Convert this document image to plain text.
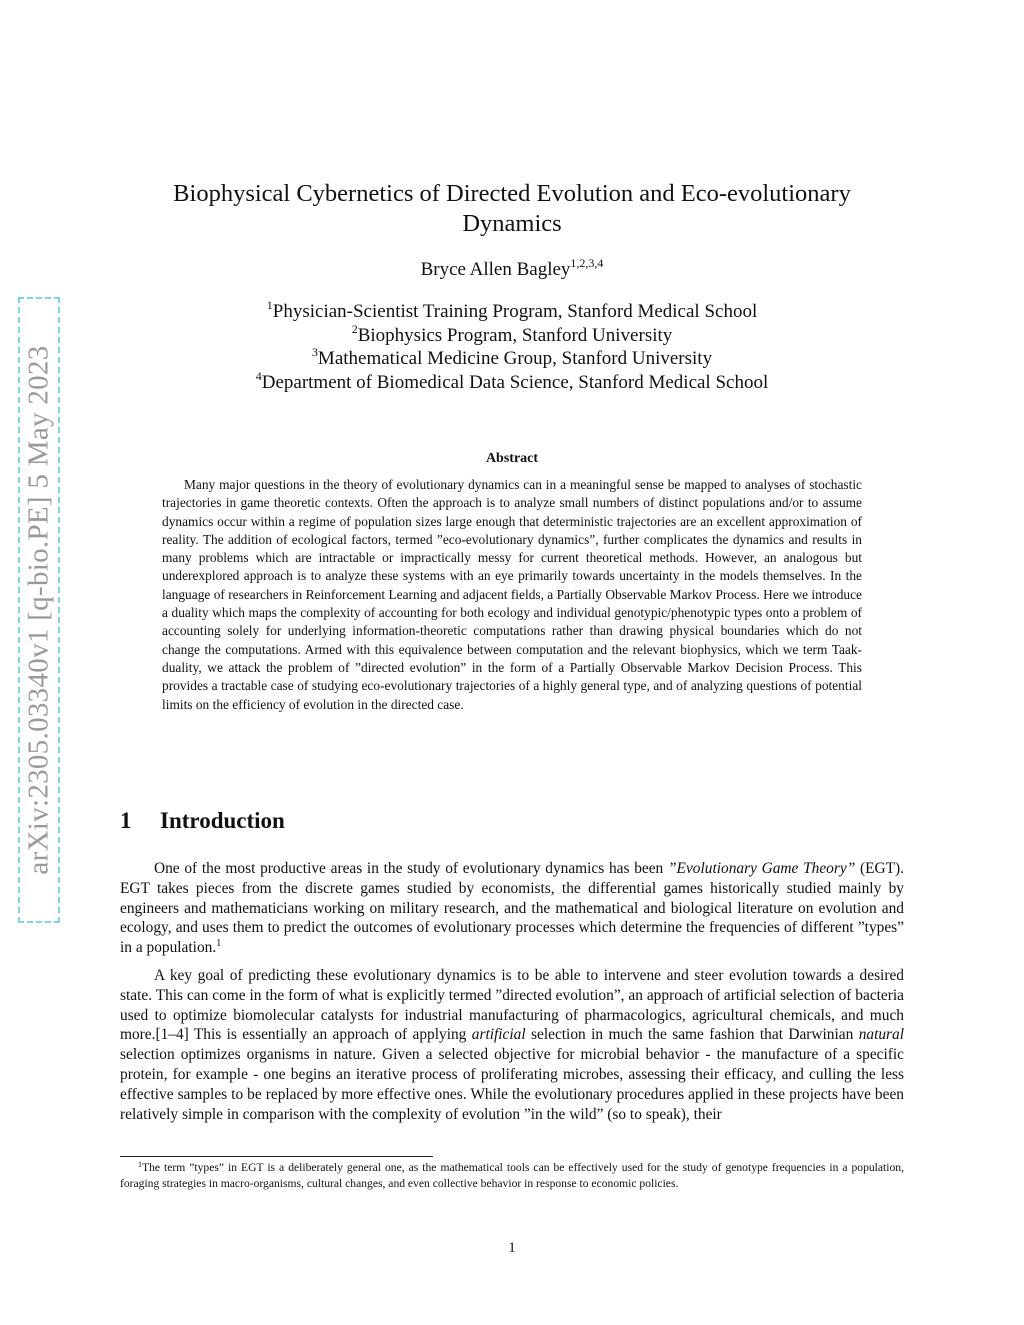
arXiv:2305.03340v1 [q-bio.PE] 5 May 2023
Biophysical Cybernetics of Directed Evolution and Eco-evolutionary Dynamics
Bryce Allen Bagley$^{1,2,3,4}$
$^1$Physician-Scientist Training Program, Stanford Medical School
$^2$Biophysics Program, Stanford University
$^3$Mathematical Medicine Group, Stanford University
$^4$Department of Biomedical Data Science, Stanford Medical School
Abstract
Many major questions in the theory of evolutionary dynamics can in a meaningful sense be mapped to analyses of stochastic trajectories in game theoretic contexts. Often the approach is to analyze small numbers of distinct populations and/or to assume dynamics occur within a regime of population sizes large enough that deterministic trajectories are an excellent approximation of reality. The addition of ecological factors, termed ”eco-evolutionary dynamics”, further complicates the dynamics and results in many problems which are intractable or impractically messy for current theoretical methods. However, an analogous but underexplored approach is to analyze these systems with an eye primarily towards uncertainty in the models themselves. In the language of researchers in Reinforcement Learning and adjacent fields, a Partially Observable Markov Process. Here we introduce a duality which maps the complexity of accounting for both ecology and individual genotypic/phenotypic types onto a problem of accounting solely for underlying information-theoretic computations rather than drawing physical boundaries which do not change the computations. Armed with this equivalence between computation and the relevant biophysics, which we term Taak-duality, we attack the problem of ”directed evolution” in the form of a Partially Observable Markov Decision Process. This provides a tractable case of studying eco-evolutionary trajectories of a highly general type, and of analyzing questions of potential limits on the efficiency of evolution in the directed case.
1 Introduction

One of the most productive areas in the study of evolutionary dynamics has been ”Evolutionary Game Theory” (EGT). EGT takes pieces from the discrete games studied by economists, the differential games historically studied mainly by engineers and mathematicians working on military research, and the mathematical and biological literature on evolution and ecology, and uses them to predict the outcomes of evolutionary processes which determine the frequencies of different ”types” in a population.$^1$

A key goal of predicting these evolutionary dynamics is to be able to intervene and steer evolution towards a desired state. This can come in the form of what is explicitly termed ”directed evolution”, an approach of artificial selection of bacteria used to optimize biomolecular catalysts for industrial manufacturing of pharmacologics, agricultural chemicals, and much more.[1–4] This is essentially an approach of applying artificial selection in much the same fashion that Darwinian natural selection optimizes organisms in nature. Given a selected objective for microbial behavior - the manufacture of a specific protein, for example - one begins an iterative process of proliferating microbes, assessing their efficacy, and culling the less effective samples to be replaced by more effective ones. While the evolutionary procedures applied in these projects have been relatively simple in comparison with the complexity of evolution ”in the wild” (so to speak), their

$^1$The term ”types” in EGT is a deliberately general one, as the mathematical tools can be effectively used for the study of genotype frequencies in a population, foraging strategies in macro-organisms, cultural changes, and even collective behavior in response to economic policies.
1
